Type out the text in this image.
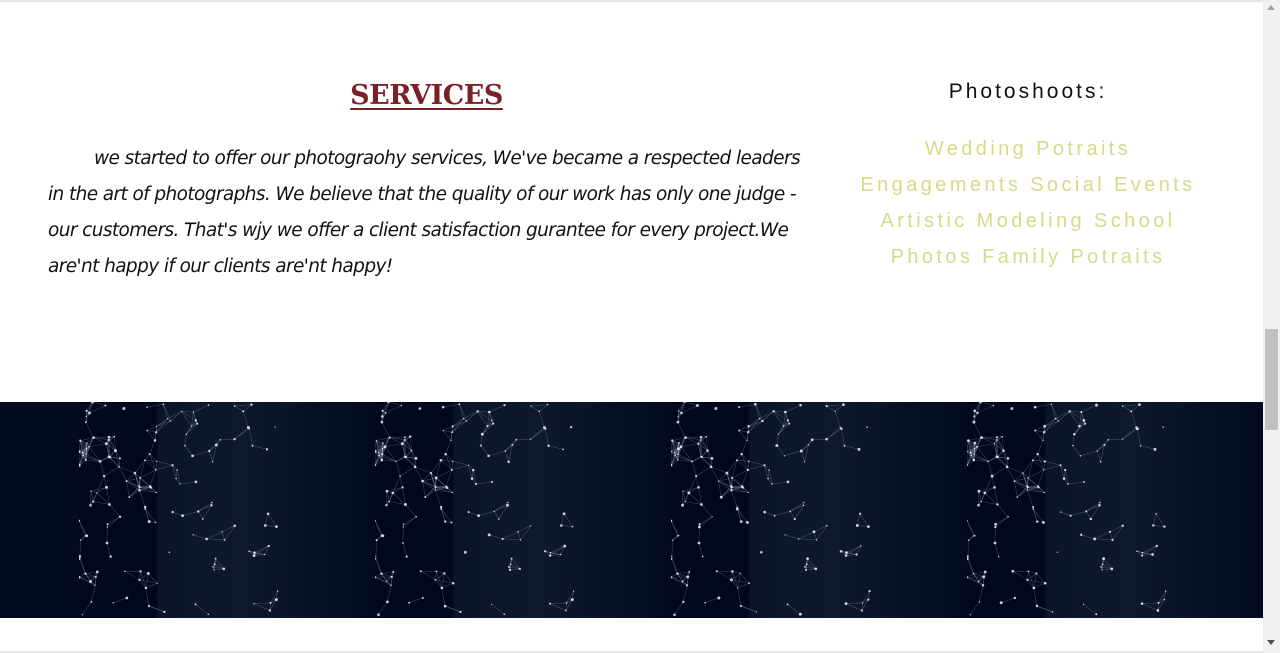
SERVICES

we started to offer our photograohy services, We've became a respected leaders in the art of photographs. We believe that the quality of our work has only one judge - our customers. That's wjy we offer a client satisfaction gurantee for every project.We are'nt happy if our clients are'nt happy!

Photoshoots:

Wedding Potraits Engagements Social Events Artistic Modeling School Photos Family Potraits
